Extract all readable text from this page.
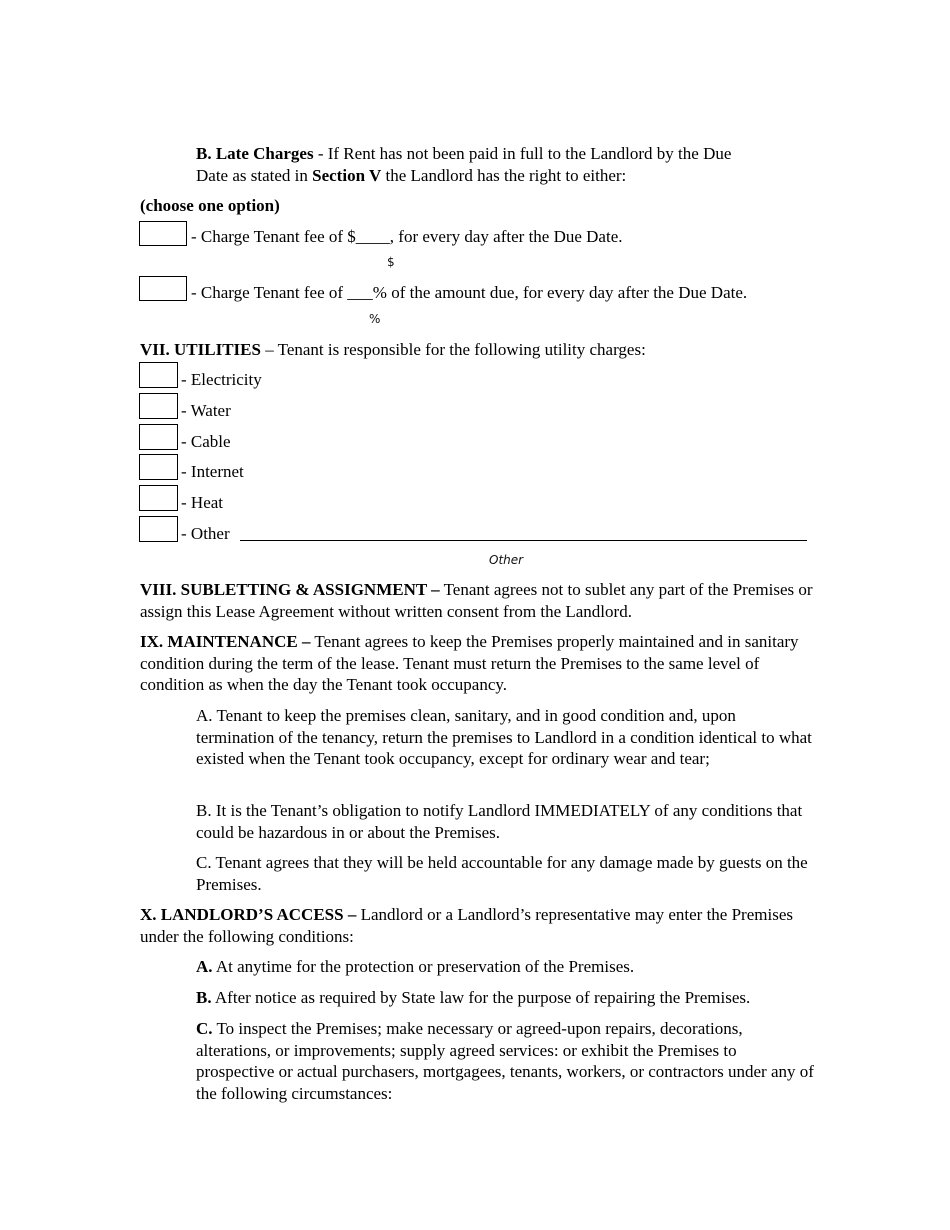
B. Late Charges - If Rent has not been paid in full to the Landlord by the Due
Date as stated in Section V the Landlord has the right to either:
(choose one option)
- Charge Tenant fee of $____, for every day after the Due Date.
$
- Charge Tenant fee of ___% of the amount due, for every day after the Due Date.
%
VII. UTILITIES – Tenant is responsible for the following utility charges:
- Electricity
- Water
- Cable
- Internet
- Heat
- Other
Other
VIII. SUBLETTING & ASSIGNMENT – Tenant agrees not to sublet any part of the Premises or assign this Lease Agreement without written consent from the Landlord.
IX. MAINTENANCE – Tenant agrees to keep the Premises properly maintained and in sanitary condition during the term of the lease. Tenant must return the Premises to the same level of condition as when the day the Tenant took occupancy.
A. Tenant to keep the premises clean, sanitary, and in good condition and, upon termination of the tenancy, return the premises to Landlord in a condition identical to what existed when the Tenant took occupancy, except for ordinary wear and tear;
B. It is the Tenant’s obligation to notify Landlord IMMEDIATELY of any conditions that could be hazardous in or about the Premises.
C. Tenant agrees that they will be held accountable for any damage made by guests on the Premises.
X. LANDLORD’S ACCESS – Landlord or a Landlord’s representative may enter the Premises under the following conditions:
A. At anytime for the protection or preservation of the Premises.
B. After notice as required by State law for the purpose of repairing the Premises.
C. To inspect the Premises; make necessary or agreed-upon repairs, decorations, alterations, or improvements; supply agreed services: or exhibit the Premises to prospective or actual purchasers, mortgagees, tenants, workers, or contractors under any of the following circumstances:
